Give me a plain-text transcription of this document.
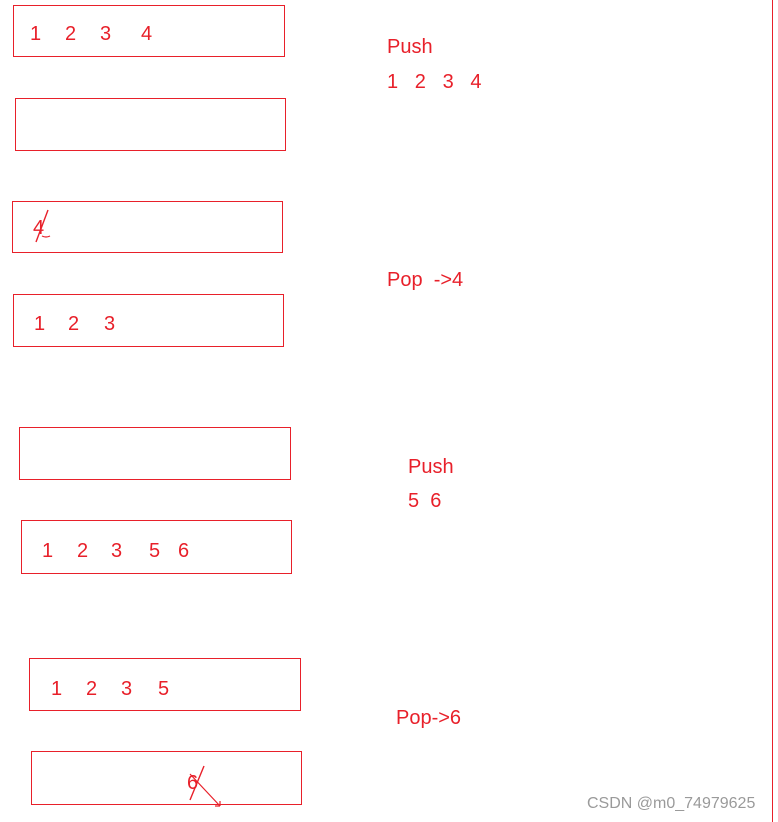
1 2 3 4
Push
1   2   3   4
4
1 2 3
Pop  ->4
1 2 3 5 6
Push
5  6
1 2 3 5
Pop->6
6
CSDN @m0_74979625
